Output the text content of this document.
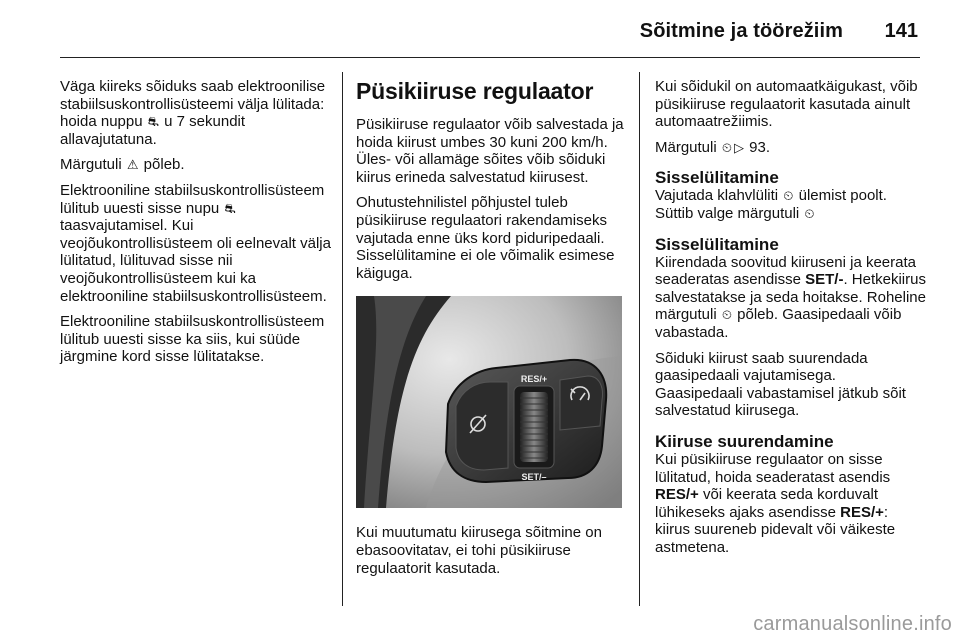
Sõitmine ja töörežiim 141

Väga kiireks sõiduks saab elektroonilise stabiilsuskontrollisüsteemi välja lülitada: hoida nuppu ⛐ u 7 sekundit allavajutatuna.

Märgutuli ⚠ põleb.

Elektrooniline stabiilsuskontrollisüsteem lülitub uuesti sisse nupu ⛐ taasvajutamisel. Kui veojõukontrollisüsteem oli eelnevalt välja lülitatud, lülituvad sisse nii veojõukontrollisüsteem kui ka elektrooniline stabiilsuskontrollisüsteem.

Elektrooniline stabiilsuskontrollisüsteem lülitub uuesti sisse ka siis, kui süüde järgmine kord sisse lülitatakse.

Püsikiiruse regulaator

Püsikiiruse regulaator võib salvestada ja hoida kiirust umbes 30 kuni 200 km/h. Üles- või allamäge sõites võib sõiduki kiirus erineda salvestatud kiirusest.

Ohutustehnilistel põhjustel tuleb püsikiiruse regulaatori rakendamiseks vajutada enne üks kord piduripedaali. Sisselülitamine ei ole võimalik esimese käiguga.

RES/+
SET/–

Kui muutumatu kiirusega sõitmine on ebasoovitatav, ei tohi püsikiiruse regulaatorit kasutada.

Kui sõidukil on automaatkäigukast, võib püsikiiruse regulaatorit kasutada ainult automaatrežiimis.

Märgutuli ⏲ ▷ 93.

Sisselülitamine

Vajutada klahvlüliti ⏲ ülemist poolt. Süttib valge märgutuli ⏲

Sisselülitamine

Kiirendada soovitud kiiruseni ja keerata seaderatas asendisse SET/-. Hetkekiirus salvestatakse ja seda hoitakse. Roheline märgutuli ⏲ põleb. Gaasipedaali võib vabastada.

Sõiduki kiirust saab suurendada gaasipedaali vajutamisega. Gaasipedaali vabastamisel jätkub sõit salvestatud kiirusega.

Kiiruse suurendamine

Kui püsikiiruse regulaator on sisse lülitatud, hoida seaderatast asendis RES/+ või keerata seda korduvalt lühikeseks ajaks asendisse RES/+: kiirus suureneb pidevalt või väikeste astmetena.

carmanualsonline.info
